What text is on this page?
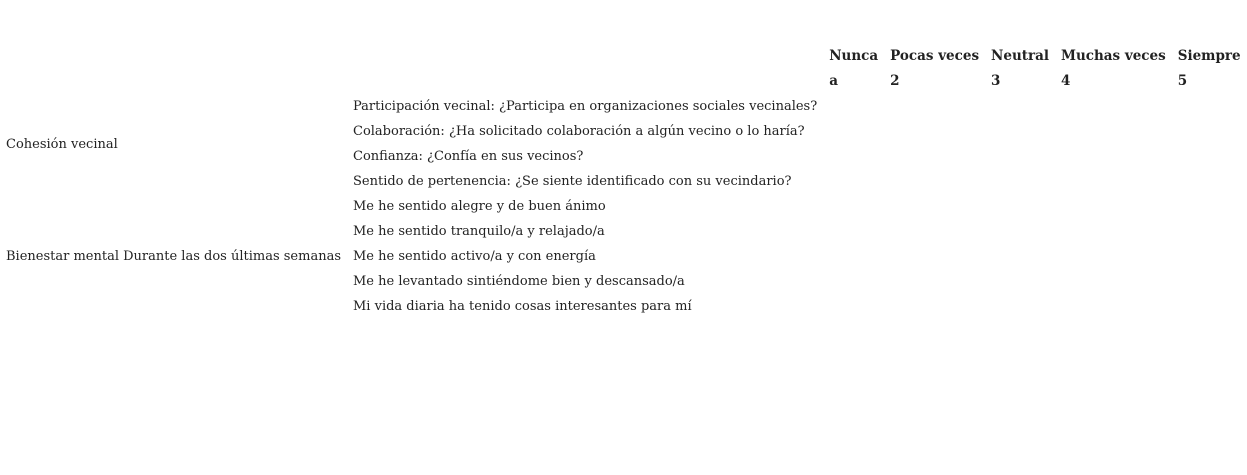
		Nunca	Pocas veces	Neutral	Muchas veces	Siempre
		a	2	3	4	5
Cohesión vecinal	Participación vecinal: ¿Participa en organizaciones sociales vecinales?					
	Colaboración: ¿Ha solicitado colaboración a algún vecino o lo haría?					
	Confianza: ¿Confía en sus vecinos?					
	Sentido de pertenencia: ¿Se siente identificado con su vecindario?					
Bienestar mental Durante las dos últimas semanas	Me he sentido alegre y de buen ánimo					
	Me he sentido tranquilo/a y relajado/a					
	Me he sentido activo/a y con energía					
	Me he levantado sintiéndome bien y descansado/a					
	Mi vida diaria ha tenido cosas interesantes para mí					
